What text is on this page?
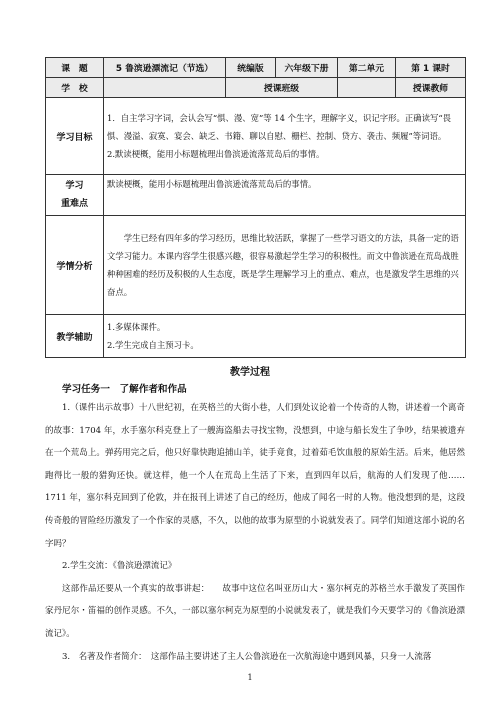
课　题	5 鲁滨逊漂流记（节选）	统编版	六年级下册	第二单元	第 1 课时
学　校		授课班级			授课教师
学习目标	1．自主学习字词，会认会写“惧、漫、宽”等 14 个生字，理解字义，识记字形。正确读写“畏惧、漫溢、寂寞、宴会、缺乏、书籍、聊以自慰、栅栏、控制、贷方、袭击、频履”等词语。

2.默读梗概，能用小标题梳理出鲁滨逊流落荒岛后的事情。				

学习
重难点	默读梗概，能用小标题梳理出鲁滨逊流落荒岛后的事情。				
学情分析	学生已经有四年多的学习经历，思维比较活跃，掌握了一些学习语文的方法，具备一定的语文学习能力。本课内容学生很感兴趣，很容易激起学生学习的积极性。而文中鲁滨逊在荒岛战胜种种困难的经历及积极的人生态度，既是学生理解学习上的重点、难点，也是激发学生思维的兴奋点。				

教学辅助	1.多媒体课件。

2.学生完成自主预习卡。				

教学过程
学习任务一　了解作者和作品

1.（课件出示故事）十八世纪初，在英格兰的大街小巷，人们到处议论着一个传奇的人物，讲述着一个离奇的故事：1704 年，水手塞尔科克登上了一艘海盗船去寻找宝物，没想到，中途与船长发生了争吵，结果被遗弃在一个荒岛上。弹药用完之后，他只好靠快跑追捕山羊，徒手竟食，过着茹毛饮血般的原始生活。后来，他居然跑得比一般的猎狗还快。就这样，他一个人在荒岛上生活了下来，直到四年以后，航海的人们发现了他……1711 年，塞尔科克回到了伦敦，并在报刊上讲述了自己的经历，他成了闻名一时的人物。他没想到的是，这段传奇般的冒险经历激发了一个作家的灵感，不久，以他的故事为原型的小说就发表了。同学们知道这部小说的名字吗？

2.学生交流：《鲁滨逊漂流记》

这部作品还要从一个真实的故事讲起：　　故事中这位名叫亚历山大・塞尔柯克的苏格兰水手激发了英国作家丹尼尔・笛福的创作灵感。不久，一部以塞尔柯克为原型的小说就发表了，就是我们今天要学习的《鲁滨逊漂流记》。

3.　名著及作者简介：　这部作品主要讲述了主人公鲁滨逊在一次航海途中遇到风暴，只身一人流落

1
